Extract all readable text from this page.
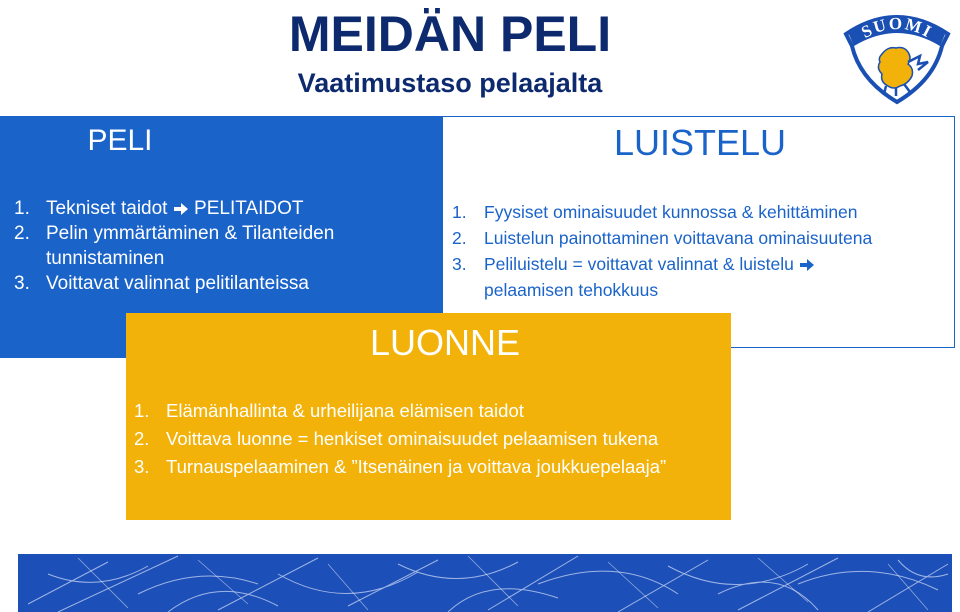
MEIDÄN PELI
Vaatimustaso pelaajalta
SUOMI
PELI
1. Tekniset taidot PELITAIDOT
2. Pelin ymmärtäminen & Tilanteiden tunnistaminen
3. Voittavat valinnat pelitilanteissa
LUISTELU
1. Fyysiset ominaisuudet kunnossa & kehittäminen
2. Luistelun painottaminen voittavana ominaisuutena
3. Peliluistelu = voittavat valinnat & luistelu
pelaamisen tehokkuus
LUONNE
1. Elämänhallinta & urheilijana elämisen taidot
2. Voittava luonne = henkiset ominaisuudet pelaamisen tukena
3. Turnauspelaaminen & ”Itsenäinen ja voittava joukkuepelaaja”
